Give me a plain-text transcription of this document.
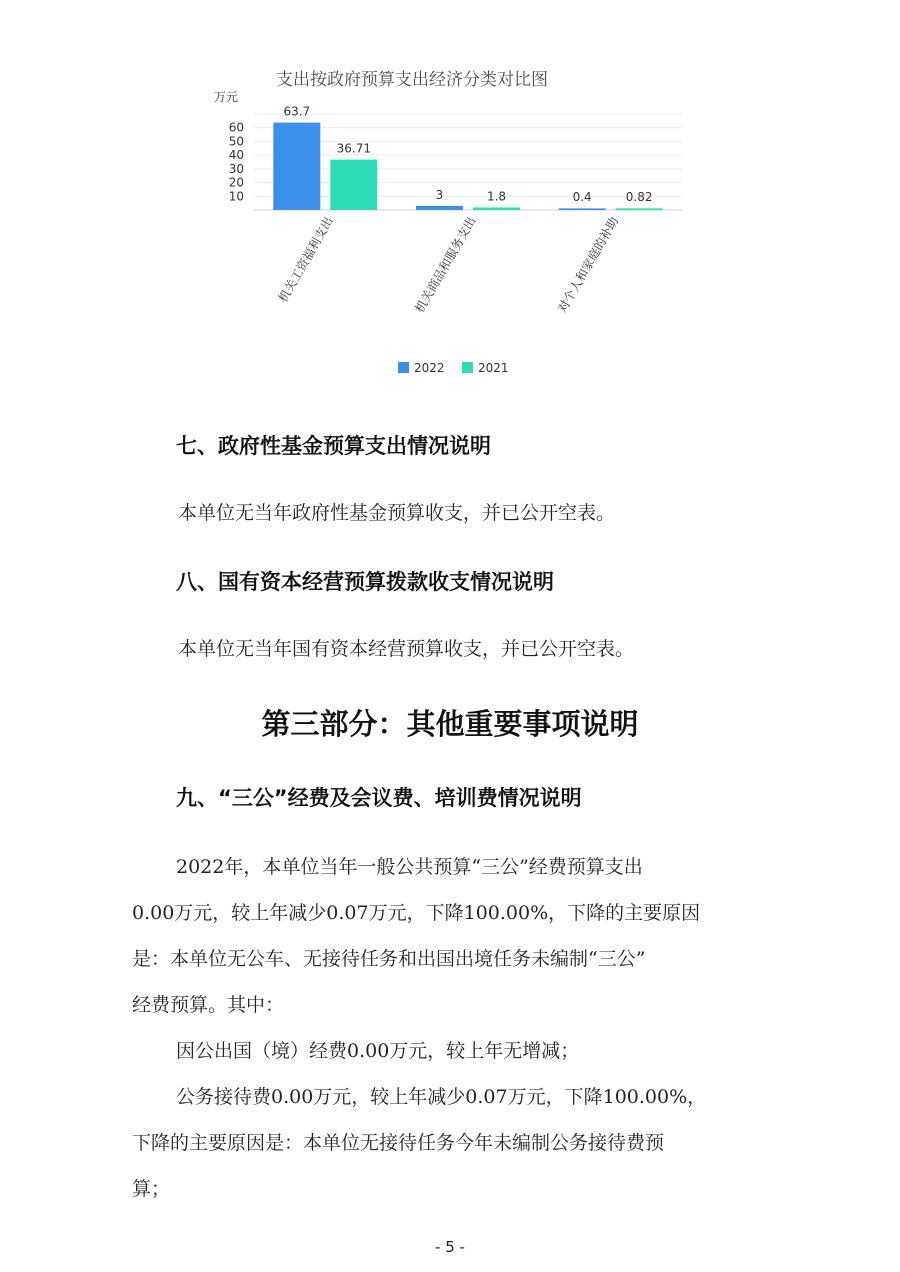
支出按政府预算支出经济分类对比图
万元
10
20
30
40
50
60
63.7
36.71
3	1.8	0.4	0.82
机关工资福利支出	机关商品和服务支出	对个人和家庭的补助
2022	2021
七、政府性基金预算支出情况说明
本单位无当年政府性基金预算收支，并已公开空表。
八、国有资本经营预算拨款收支情况说明
本单位无当年国有资本经营预算收支，并已公开空表。
第三部分：其他重要事项说明
九、“三公”经费及会议费、培训费情况说明
2022年，本单位当年一般公共预算“三公”经费预算支出
0.00万元，较上年减少0.07万元，下降100.00%，下降的主要原因
是：本单位无公车、无接待任务和出国出境任务未编制“三公”
经费预算。其中：
因公出国（境）经费0.00万元，较上年无增减；
公务接待费0.00万元，较上年减少0.07万元，下降100.00%，
下降的主要原因是：本单位无接待任务今年未编制公务接待费预
算；
- 5 -
